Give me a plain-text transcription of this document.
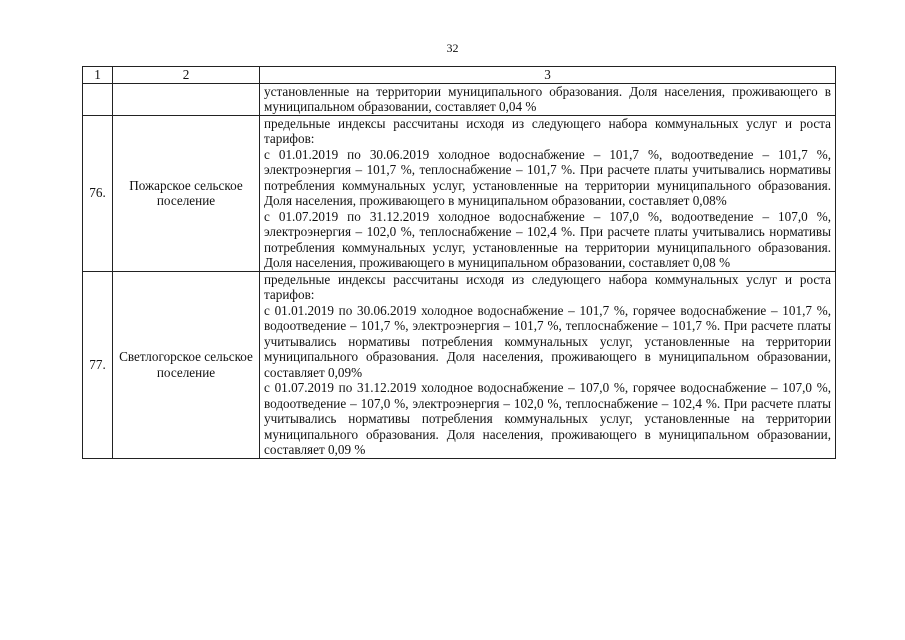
32
1	2	3

		установленные на территории муниципального образования. Доля населения, проживающего в муниципальном образовании, составляет 0,04 %

76.	Пожарское сельское поселение	предельные индексы рассчитаны исходя из следующего набора коммунальных услуг и роста тарифов:

с 01.01.2019 по 30.06.2019 холодное водоснабжение – 101,7 %, водоотведение – 101,7 %, электроэнергия – 101,7 %, теплоснабжение – 101,7 %. При расчете платы учитывались нормативы потребления коммунальных услуг, установленные на территории муниципального образования. Доля населения, проживающего в муниципальном образовании, составляет 0,08%

с 01.07.2019 по 31.12.2019 холодное водоснабжение – 107,0 %, водоотведение – 107,0 %, электроэнергия – 102,0 %, теплоснабжение – 102,4 %. При расчете платы учитывались нормативы потребления коммунальных услуг, установленные на территории муниципального образования. Доля населения, проживающего в муниципальном образовании, составляет 0,08 %

77.	Светлогорское сельское поселение	предельные индексы рассчитаны исходя из следующего набора коммунальных услуг и роста тарифов:

с 01.01.2019 по 30.06.2019 холодное водоснабжение – 101,7 %, горячее водоснабжение – 101,7 %, водоотведение – 101,7 %, электроэнергия – 101,7 %, теплоснабжение – 101,7 %. При расчете платы учитывались нормативы потребления коммунальных услуг, установленные на территории муниципального образования. Доля населения, проживающего в муниципальном образовании, составляет 0,09%

с 01.07.2019 по 31.12.2019 холодное водоснабжение – 107,0 %, горячее водоснабжение – 107,0 %, водоотведение – 107,0 %, электроэнергия – 102,0 %, теплоснабжение – 102,4 %. При расчете платы учитывались нормативы потребления коммунальных услуг, установленные на территории муниципального образования. Доля населения, проживающего в муниципальном образовании, составляет 0,09 %
